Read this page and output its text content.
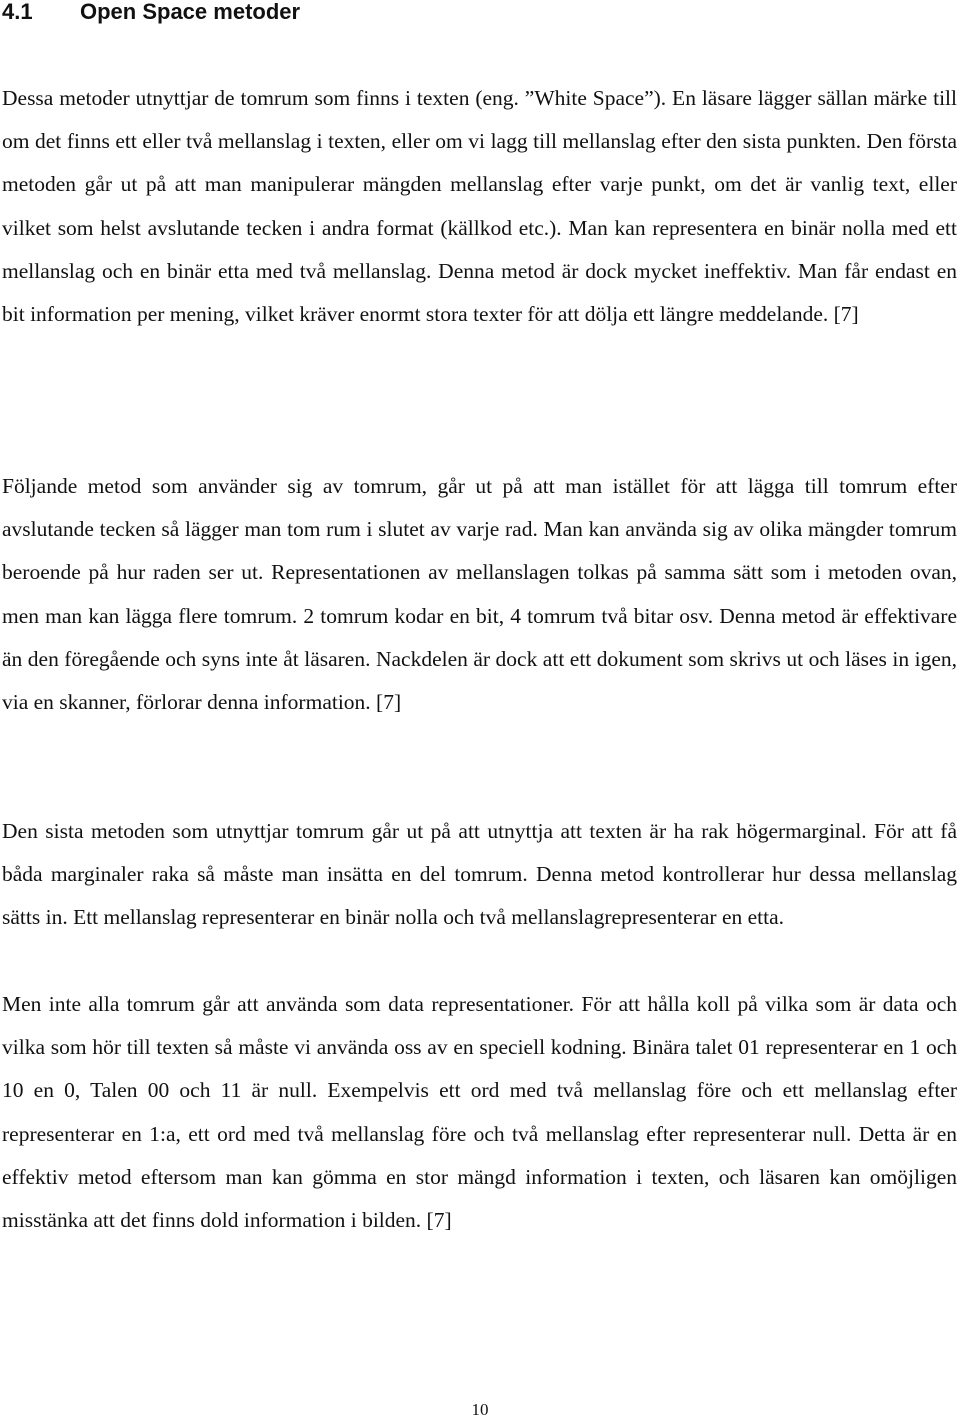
4.1 Open Space metoder

Dessa metoder utnyttjar de tomrum som finns i texten (eng. ”White Space”). En läsare lägger sällan märke till om det finns ett eller två mellanslag i texten, eller om vi lagg till mellanslag efter den sista punkten. Den första metoden går ut på att man manipulerar mängden mellanslag efter varje punkt, om det är vanlig text, eller vilket som helst avslutande tecken i andra format (källkod etc.). Man kan representera en binär nolla med ett mellanslag och en binär etta med två mellanslag. Denna metod är dock mycket ineffektiv. Man får endast en bit information per mening, vilket kräver enormt stora texter för att dölja ett längre meddelande. [7]

Följande metod som använder sig av tomrum, går ut på att man istället för att lägga till tomrum efter avslutande tecken så lägger man tom rum i slutet av varje rad. Man kan använda sig av olika mängder tomrum beroende på hur raden ser ut. Representationen av mellanslagen tolkas på samma sätt som i metoden ovan, men man kan lägga flere tomrum. 2 tomrum kodar en bit, 4 tomrum två bitar osv. Denna metod är effektivare än den föregående och syns inte åt läsaren. Nackdelen är dock att ett dokument som skrivs ut och läses in igen, via en skanner, förlorar denna information. [7]

Den sista metoden som utnyttjar tomrum går ut på att utnyttja att texten är ha rak högermarginal. För att få båda marginaler raka så måste man insätta en del tomrum. Denna metod kontrollerar hur dessa mellanslag sätts in. Ett mellanslag representerar en binär nolla och två mellanslagrepresenterar en etta.

Men inte alla tomrum går att använda som data representationer. För att hålla koll på vilka som är data och vilka som hör till texten så måste vi använda oss av en speciell kodning. Binära talet 01 representerar en 1 och 10 en 0, Talen 00 och 11 är null. Exempelvis ett ord med två mellanslag före och ett mellanslag efter representerar en 1:a, ett ord med två mellanslag före och två mellanslag efter representerar null. Detta är en effektiv metod eftersom man kan gömma en stor mängd information i texten, och läsaren kan omöjligen misstänka att det finns dold information i bilden. [7]

10
